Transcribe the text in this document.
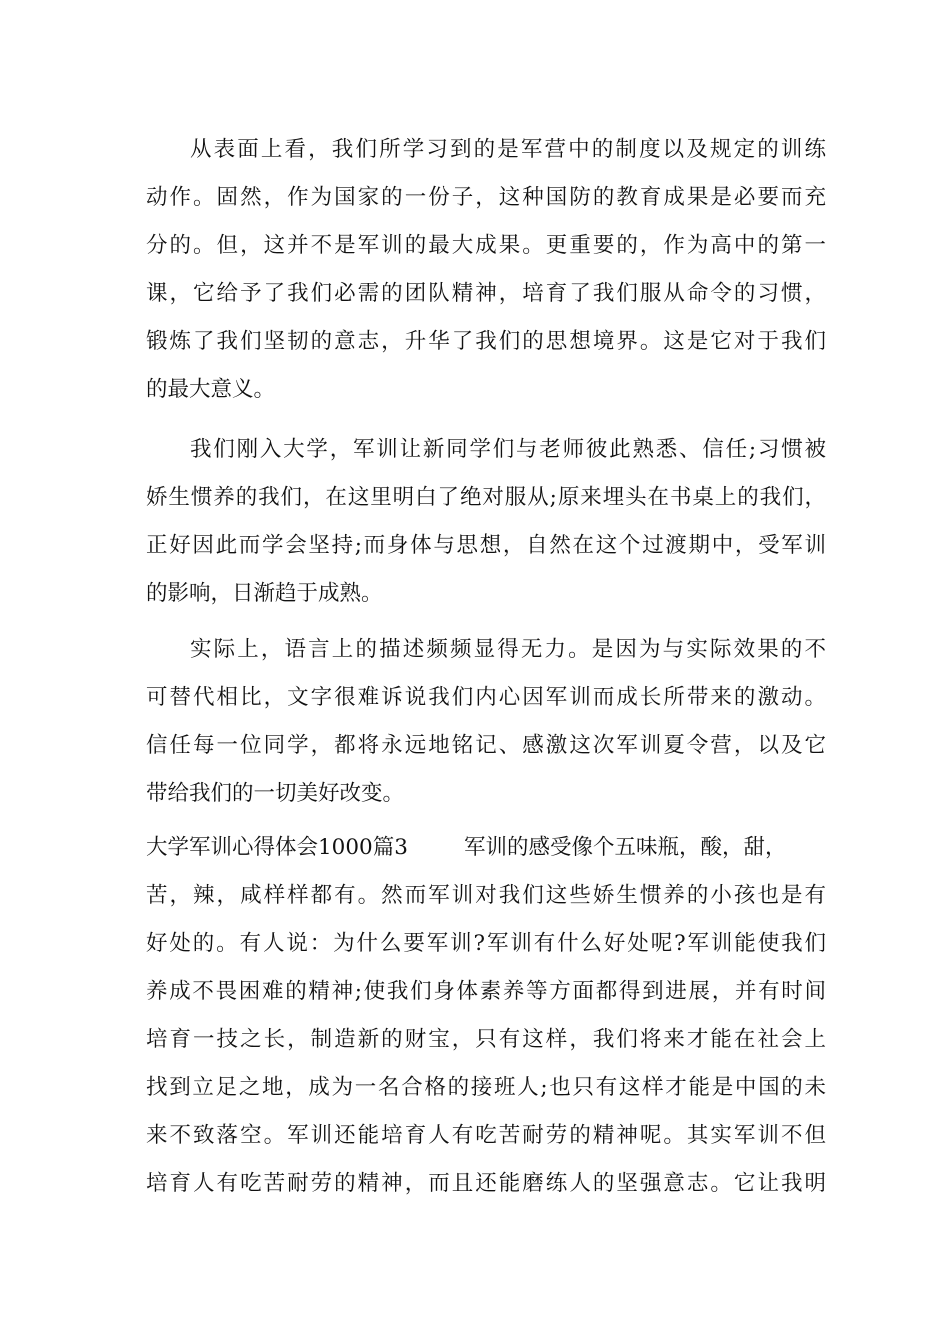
从表面上看，我们所学习到的是军营中的制度以及规定的训练
动作。固然，作为国家的一份子，这种国防的教育成果是必要而充
分的。但，这并不是军训的最大成果。更重要的，作为高中的第一
课，它给予了我们必需的团队精神，培育了我们服从命令的习惯，
锻炼了我们坚韧的意志，升华了我们的思想境界。这是它对于我们
的最大意义。
我们刚入大学，军训让新同学们与老师彼此熟悉、信任;习惯被
娇生惯养的我们，在这里明白了绝对服从;原来埋头在书桌上的我们，
正好因此而学会坚持;而身体与思想，自然在这个过渡期中，受军训
的影响，日渐趋于成熟。
实际上，语言上的描述频频显得无力。是因为与实际效果的不
可替代相比，文字很难诉说我们内心因军训而成长所带来的激动。
信任每一位同学，都将永远地铭记、感激这次军训夏令营，以及它
带给我们的一切美好改变。
大学军训心得体会1000篇3	军训的感受像个五味瓶，酸，甜，
苦，辣，咸样样都有。然而军训对我们这些娇生惯养的小孩也是有
好处的。有人说：为什么要军训?军训有什么好处呢?军训能使我们
养成不畏困难的精神;使我们身体素养等方面都得到进展，并有时间
培育一技之长，制造新的财宝，只有这样，我们将来才能在社会上
找到立足之地，成为一名合格的接班人;也只有这样才能是中国的未
来不致落空。军训还能培育人有吃苦耐劳的精神呢。其实军训不但
培育人有吃苦耐劳的精神，而且还能磨练人的坚强意志。它让我明
